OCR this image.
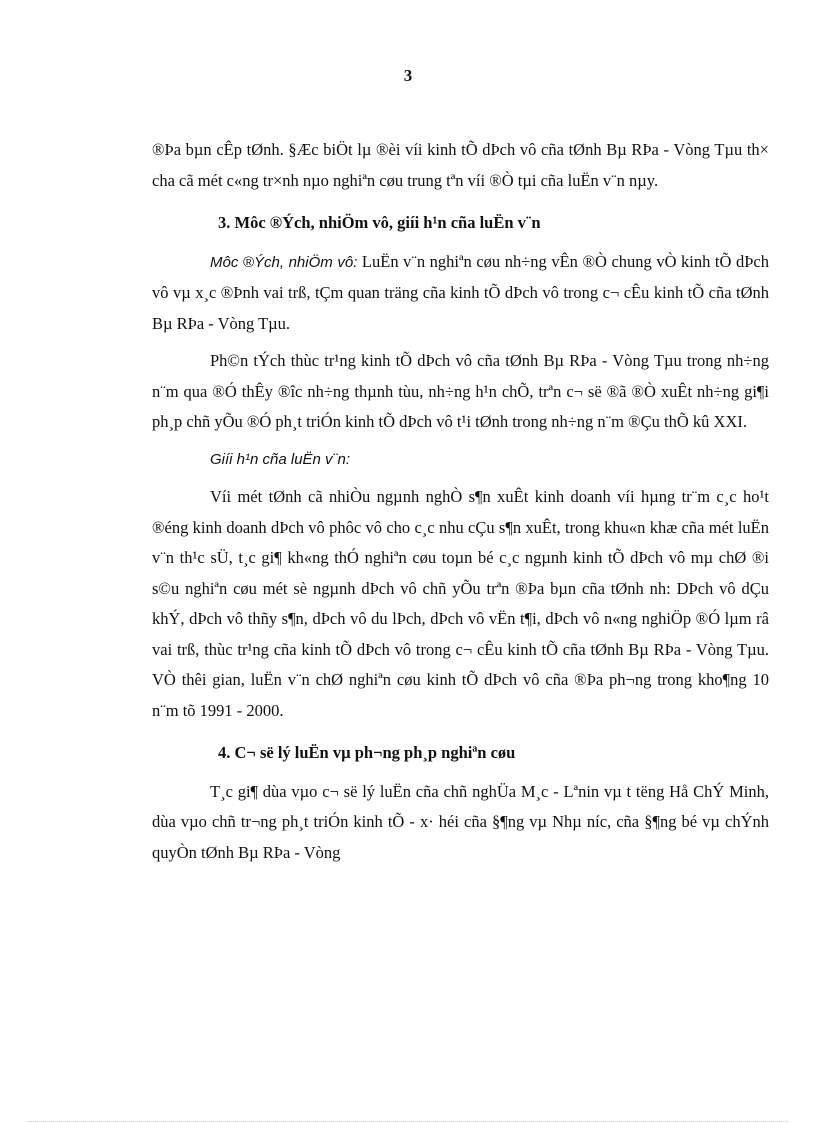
3

®Þa bµn cÊp tØnh. §Æc biÖt lµ ®èi víi kinh tÕ dÞch vô cña tØnh Bµ RÞa - Vòng Tµu th× cha cã mét c«ng tr×nh nµo nghiªn cøu trung tªn víi ®Ò tµi cña luËn v¨n nµy.

3. Môc ®Ých, nhiÖm vô, giíi h¹n cña luËn v¨n

Môc ®Ých, nhiÖm vô: LuËn v¨n nghiªn cøu nh÷ng vÊn ®Ò chung vÒ kinh tÕ dÞch vô vµ x¸c ®Þnh vai trß, tÇm quan träng cña kinh tÕ dÞch vô trong c¬ cÊu kinh tÕ cña tØnh Bµ RÞa - Vòng Tµu.

Ph©n tÝch thùc tr¹ng kinh tÕ dÞch vô cña tØnh Bµ RÞa - Vòng Tµu trong nh÷ng n¨m qua ®Ó thÊy ®îc nh÷ng thµnh tùu, nh÷ng h¹n chÕ, trªn c¬ së ®ã ®Ò xuÊt nh÷ng gi¶i ph¸p chñ yÕu ®Ó ph¸t triÓn kinh tÕ dÞch vô t¹i tØnh trong nh÷ng n¨m ®Çu thÕ kû XXI.

Giíi h¹n cña luËn v¨n:

Víi mét tØnh cã nhiÒu ngµnh nghÒ s¶n xuÊt kinh doanh víi hµng tr¨m c¸c ho¹t ®éng kinh doanh dÞch vô phôc vô cho c¸c nhu cÇu s¶n xuÊt, trong khu«n khæ cña mét luËn v¨n th¹c sÜ, t¸c gi¶ kh«ng thÓ nghiªn cøu toµn bé c¸c ngµnh kinh tÕ dÞch vô mµ chØ ®i s©u nghiªn cøu mét sè ngµnh dÞch vô chñ yÕu trªn ®Þa bµn cña tØnh nh: DÞch vô dÇu khÝ, dÞch vô thñy s¶n, dÞch vô du lÞch, dÞch vô vËn t¶i, dÞch vô n«ng nghiÖp ®Ó lµm râ vai trß, thùc tr¹ng cña kinh tÕ dÞch vô trong c¬ cÊu kinh tÕ cña tØnh Bµ RÞa - Vòng Tµu. VÒ thêi gian, luËn v¨n chØ nghiªn cøu kinh tÕ dÞch vô cña ®Þa ph¬ng trong kho¶ng 10 n¨m tõ 1991 - 2000.

4. C¬ së lý luËn vµ ph¬ng ph¸p nghiªn cøu

T¸c gi¶ dùa vµo c¬ së lý luËn cña chñ nghÜa M¸c - Lªnin vµ t tëng Hå ChÝ Minh, dùa vµo chñ tr¬ng ph¸t triÓn kinh tÕ - x· héi cña §¶ng vµ Nhµ níc, cña §¶ng bé vµ chÝnh quyÒn tØnh Bµ RÞa - Vòng
